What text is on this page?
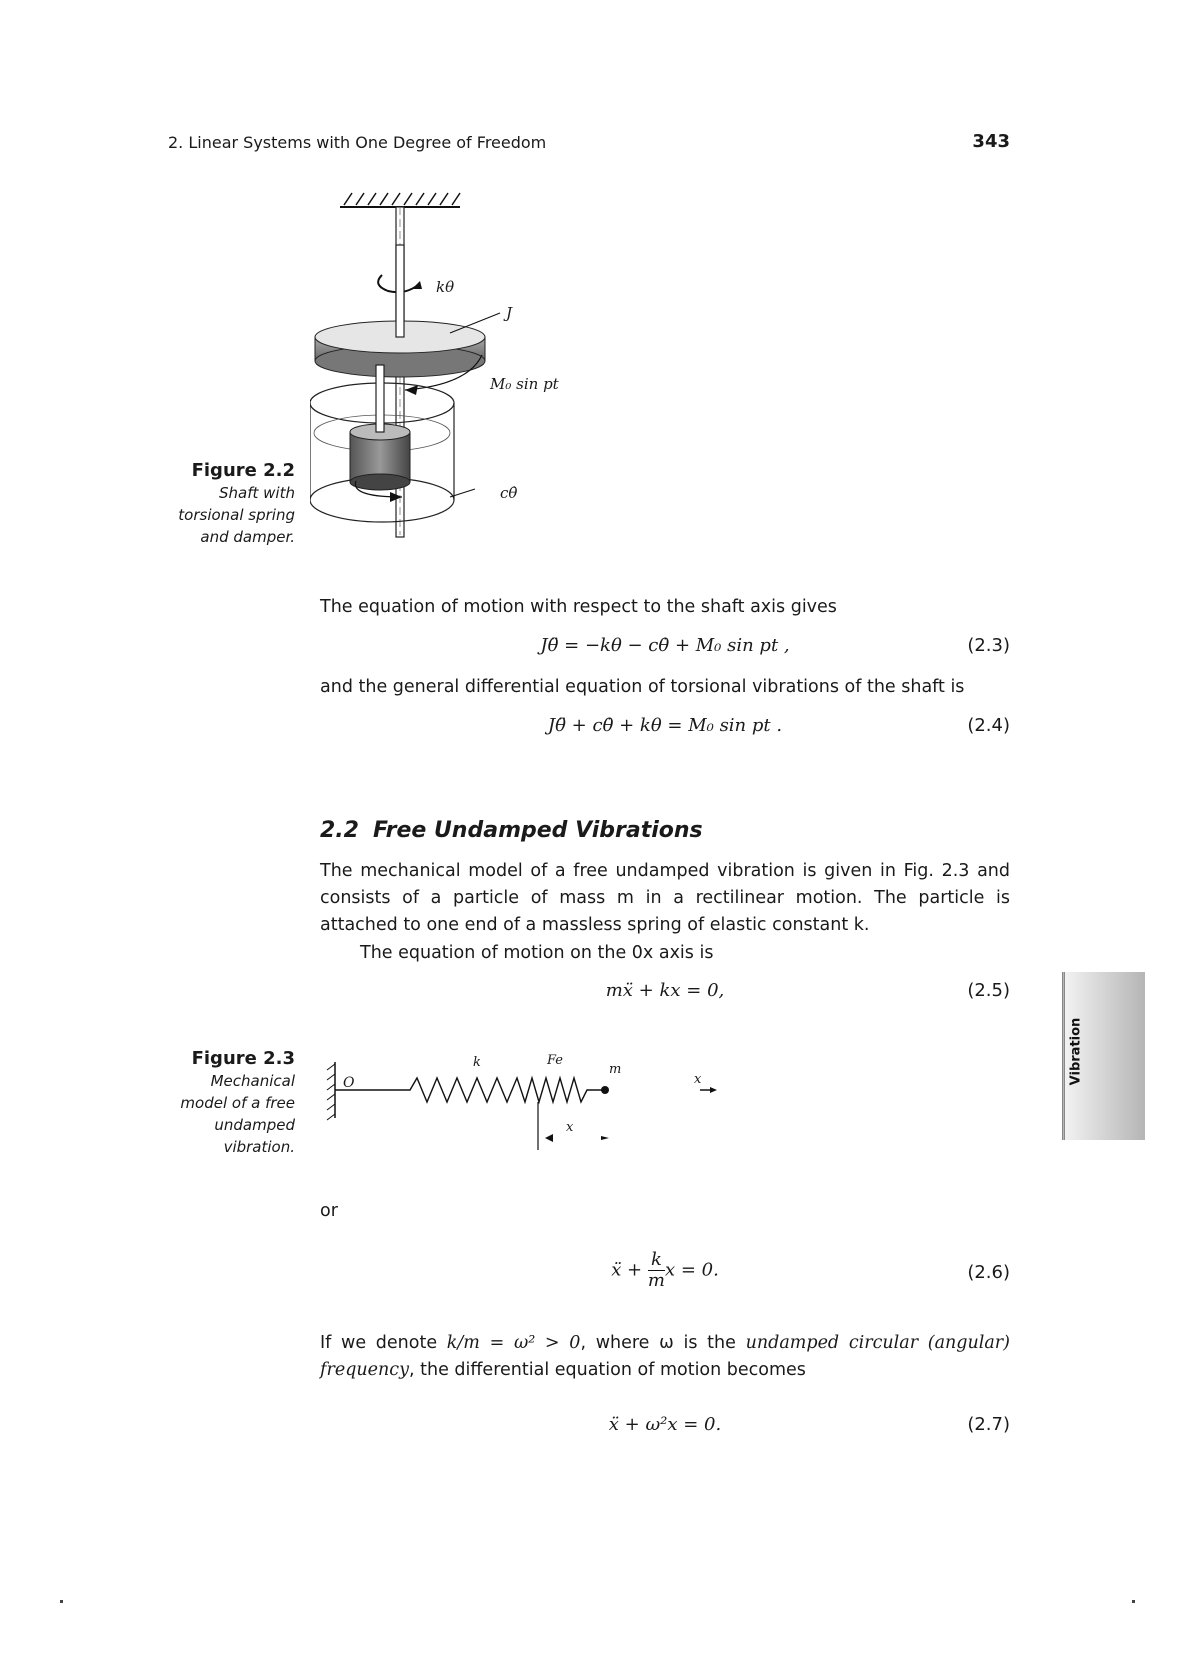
2. Linear Systems with One Degree of Freedom	343
kθ
J
M₀ sin pt
cθ̇
Figure 2.2
Shaft with
torsional spring
and damper.
The equation of motion with respect to the shaft axis gives
Jθ̈ = −kθ − cθ̇ + M₀ sin pt ,	(2.3)
and the general differential equation of torsional vibrations of the shaft is
Jθ̈ + cθ̇ + kθ = M₀ sin pt .	(2.4)
2.2 Free Undamped Vibrations
The mechanical model of a free undamped vibration is given in Fig. 2.3 and consists of a particle of mass m in a rectilinear motion. The particle is attached to one end of a massless spring of elastic constant k.
The equation of motion on the 0x axis is
mẍ + kx = 0,	(2.5)
Figure 2.3
Mechanical
model of a free
undamped
vibration.
O
k	Fe
m
x
x
or
ẍ + $\frac{k}{m}$ x = 0.	(2.6)
If we denote k/m = ω² > 0, where ω is the undamped circular (angular) frequency, the differential equation of motion becomes
ẍ + ω²x = 0.	(2.7)
Vibration
